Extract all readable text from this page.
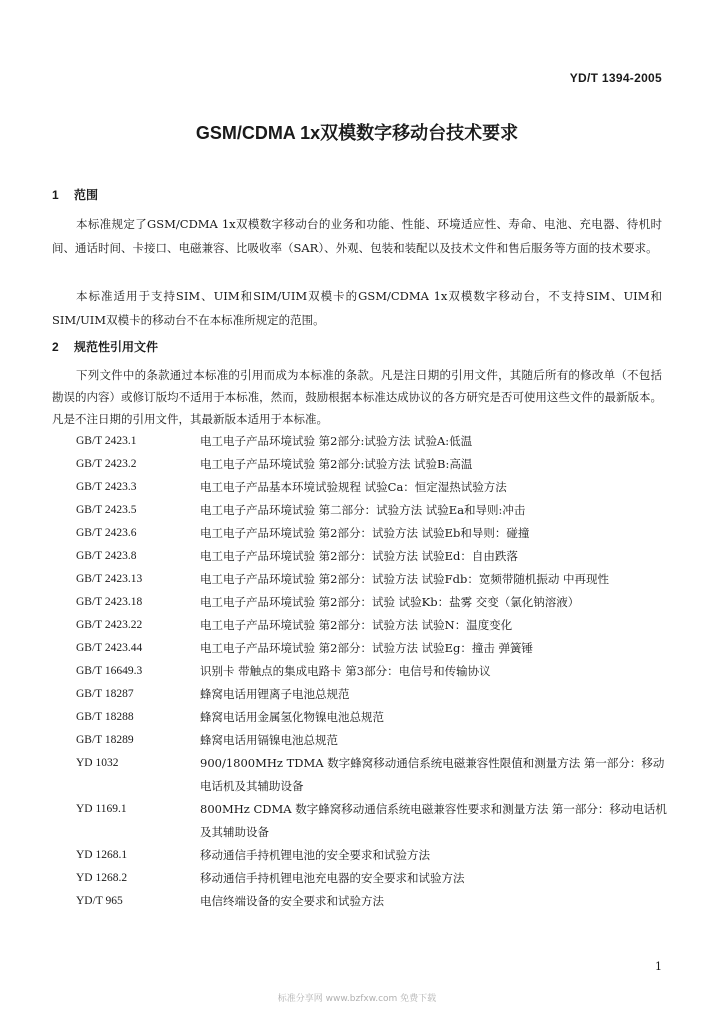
YD/T 1394-2005
GSM/CDMA 1x双模数字移动台技术要求
1 范围
本标准规定了GSM/CDMA 1x双模数字移动台的业务和功能、性能、环境适应性、寿命、电池、充电器、待机时间、通话时间、卡接口、电磁兼容、比吸收率（SAR）、外观、包装和装配以及技术文件和售后服务等方面的技术要求。
本标准适用于支持SIM、UIM和SIM/UIM双模卡的GSM/CDMA 1x双模数字移动台，不支持SIM、UIM和SIM/UIM双模卡的移动台不在本标准所规定的范围。
2 规范性引用文件
下列文件中的条款通过本标准的引用而成为本标准的条款。凡是注日期的引用文件，其随后所有的修改单（不包括勘误的内容）或修订版均不适用于本标准，然而，鼓励根据本标准达成协议的各方研究是否可使用这些文件的最新版本。凡是不注日期的引用文件，其最新版本适用于本标准。
GB/T 2423.1	电工电子产品环境试验 第2部分:试验方法 试验A:低温
GB/T 2423.2	电工电子产品环境试验 第2部分:试验方法 试验B:高温
GB/T 2423.3	电工电子产品基本环境试验规程 试验Ca：恒定湿热试验方法
GB/T 2423.5	电工电子产品环境试验 第二部分：试验方法 试验Ea和导则:冲击
GB/T 2423.6	电工电子产品环境试验 第2部分：试验方法 试验Eb和导则：碰撞
GB/T 2423.8	电工电子产品环境试验 第2部分：试验方法 试验Ed：自由跌落
GB/T 2423.13	电工电子产品环境试验 第2部分：试验方法 试验Fdb：宽频带随机振动 中再现性
GB/T 2423.18	电工电子产品环境试验 第2部分：试验 试验Kb：盐雾 交变（氯化钠溶液）
GB/T 2423.22	电工电子产品环境试验 第2部分：试验方法 试验N：温度变化
GB/T 2423.44	电工电子产品环境试验 第2部分：试验方法 试验Eg：撞击 弹簧锤
GB/T 16649.3	识别卡 带触点的集成电路卡 第3部分：电信号和传输协议
GB/T 18287	蜂窝电话用锂离子电池总规范
GB/T 18288	蜂窝电话用金属氢化物镍电池总规范
GB/T 18289	蜂窝电话用镉镍电池总规范
YD 1032	900/1800MHz TDMA 数字蜂窝移动通信系统电磁兼容性限值和测量方法 第一部分：移动电话机及其辅助设备
YD 1169.1	800MHz CDMA 数字蜂窝移动通信系统电磁兼容性要求和测量方法 第一部分：移动电话机及其辅助设备
YD 1268.1	移动通信手持机锂电池的安全要求和试验方法
YD 1268.2	移动通信手持机锂电池充电器的安全要求和试验方法
YD/T 965	电信终端设备的安全要求和试验方法
1
标准分享网 www.bzfxw.com 免费下载
